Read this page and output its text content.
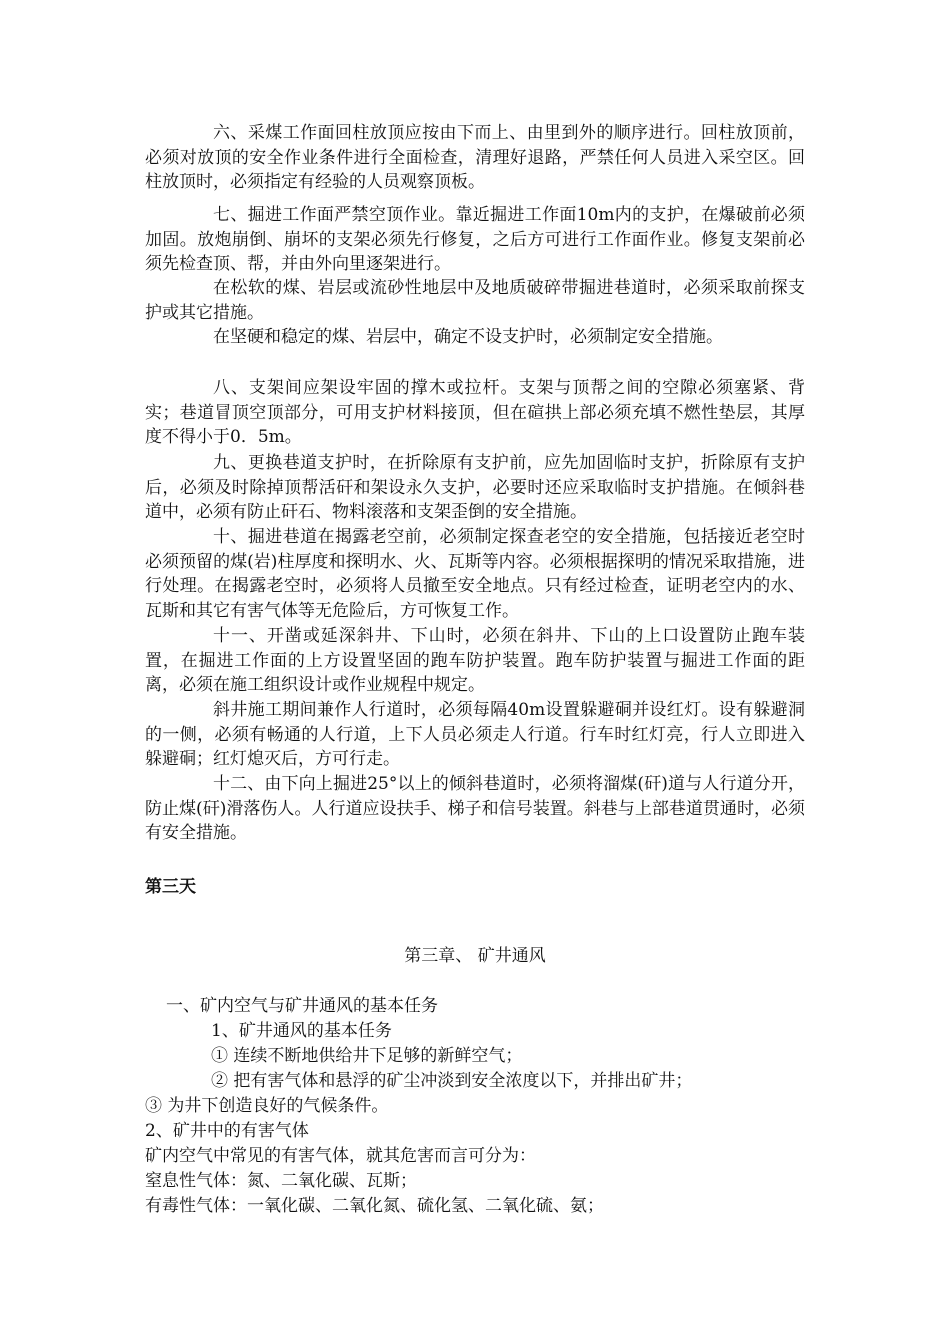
六、采煤工作面回柱放顶应按由下而上、由里到外的顺序进行。回柱放顶前，必须对放顶的安全作业条件进行全面检查，清理好退路，严禁任何人员进入采空区。回柱放顶时，必须指定有经验的人员观察顶板。

七、掘进工作面严禁空顶作业。靠近掘进工作面10m内的支护，在爆破前必须加固。放炮崩倒、崩坏的支架必须先行修复，之后方可进行工作面作业。修复支架前必须先检查顶、帮，并由外向里逐架进行。

在松软的煤、岩层或流砂性地层中及地质破碎带掘进巷道时，必须采取前探支护或其它措施。

在坚硬和稳定的煤、岩层中，确定不设支护时，必须制定安全措施。

八、支架间应架设牢固的撑木或拉杆。支架与顶帮之间的空隙必须塞紧、背实；巷道冒顶空顶部分，可用支护材料接顶，但在碹拱上部必须充填不燃性垫层，其厚度不得小于0．5m。

九、更换巷道支护时，在折除原有支护前，应先加固临时支护，折除原有支护后，必须及时除掉顶帮活矸和架设永久支护，必要时还应采取临时支护措施。在倾斜巷道中，必须有防止矸石、物料滚落和支架歪倒的安全措施。

十、掘进巷道在揭露老空前，必须制定探查老空的安全措施，包括接近老空时必须预留的煤(岩)柱厚度和探明水、火、瓦斯等内容。必须根据探明的情况采取措施，进行处理。在揭露老空时，必须将人员撤至安全地点。只有经过检查，证明老空内的水、瓦斯和其它有害气体等无危险后，方可恢复工作。

十一、开凿或延深斜井、下山时，必须在斜井、下山的上口设置防止跑车装置，在掘进工作面的上方设置坚固的跑车防护装置。跑车防护装置与掘进工作面的距离，必须在施工组织设计或作业规程中规定。

斜井施工期间兼作人行道时，必须每隔40m设置躲避硐并设红灯。设有躲避洞的一侧，必须有畅通的人行道，上下人员必须走人行道。行车时红灯亮，行人立即进入躲避硐；红灯熄灭后，方可行走。

十二、由下向上掘进25°以上的倾斜巷道时，必须将溜煤(矸)道与人行道分开，防止煤(矸)滑落伤人。人行道应设扶手、梯子和信号装置。斜巷与上部巷道贯通时，必须有安全措施。

第三天

第三章、 矿井通风

一、矿内空气与矿井通风的基本任务

1、矿井通风的基本任务

① 连续不断地供给井下足够的新鲜空气；

② 把有害气体和悬浮的矿尘冲淡到安全浓度以下，并排出矿井；

③ 为井下创造良好的气候条件。

2、矿井中的有害气体

矿内空气中常见的有害气体，就其危害而言可分为：

窒息性气体：氮、二氧化碳、瓦斯；

有毒性气体：一氧化碳、二氧化氮、硫化氢、二氧化硫、氨；
